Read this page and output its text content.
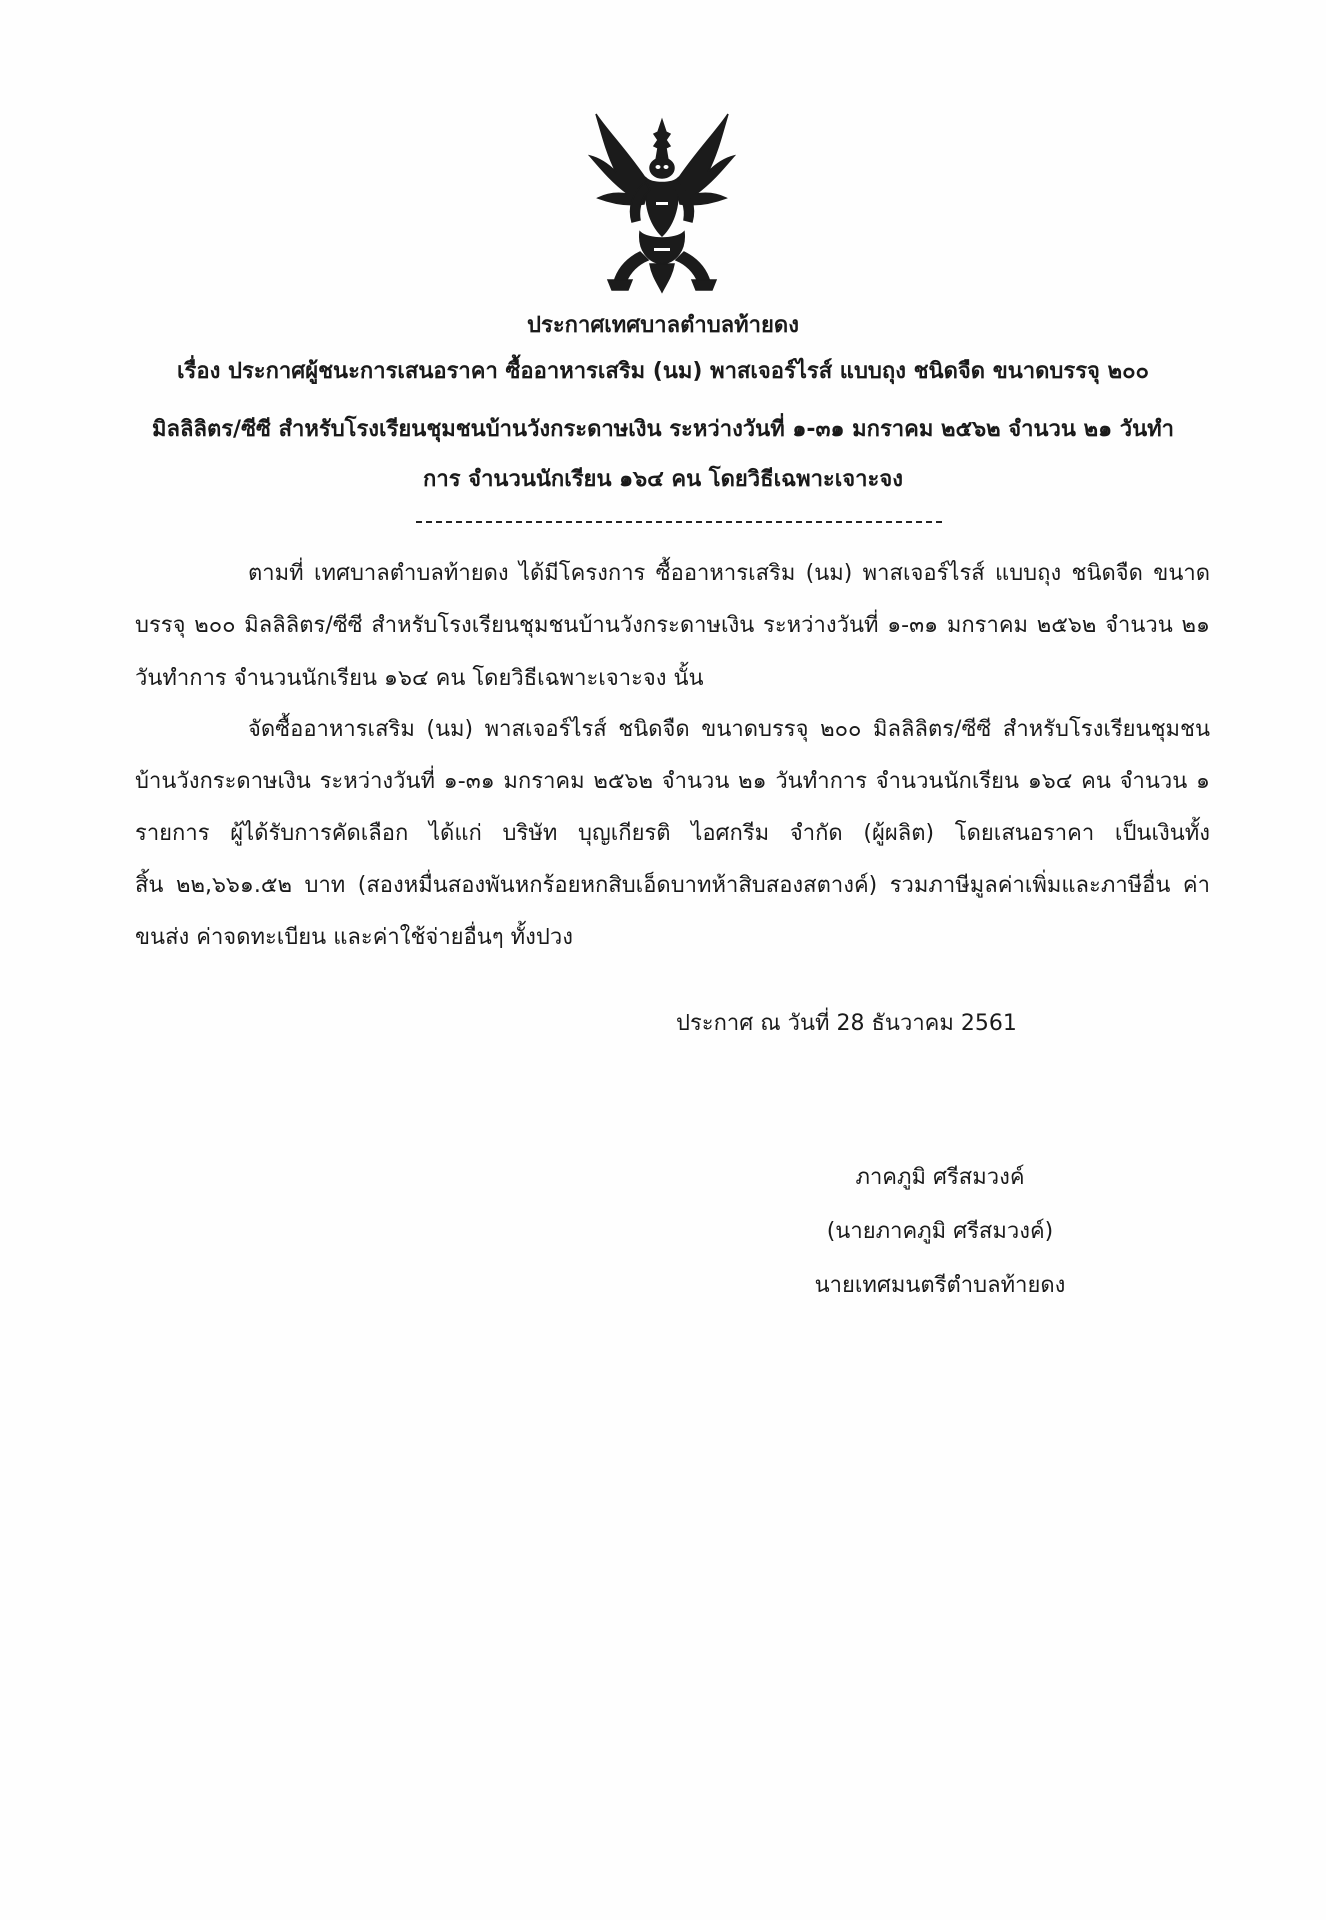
ประกาศเทศบาลตำบลท้ายดง
เรื่อง ประกาศผู้ชนะการเสนอราคา ซื้ออาหารเสริม (นม) พาสเจอร์ไรส์ แบบถุง ชนิดจืด ขนาดบรรจุ ๒๐๐
มิลลิลิตร/ซีซี สำหรับโรงเรียนชุมชนบ้านวังกระดาษเงิน ระหว่างวันที่ ๑-๓๑ มกราคม ๒๕๖๒ จำนวน ๒๑ วันทำ
การ จำนวนนักเรียน ๑๖๔ คน โดยวิธีเฉพาะเจาะจง
ตามที่ เทศบาลตำบลท้ายดง ได้มีโครงการ ซื้ออาหารเสริม (นม) พาสเจอร์ไรส์ แบบถุง ชนิดจืด ขนาด
บรรจุ ๒๐๐ มิลลิลิตร/ซีซี สำหรับโรงเรียนชุมชนบ้านวังกระดาษเงิน ระหว่างวันที่ ๑-๓๑ มกราคม ๒๕๖๒ จำนวน ๒๑
วันทำการ จำนวนนักเรียน ๑๖๔ คน โดยวิธีเฉพาะเจาะจง นั้น
จัดซื้ออาหารเสริม (นม) พาสเจอร์ไรส์ ชนิดจืด ขนาดบรรจุ ๒๐๐ มิลลิลิตร/ซีซี สำหรับโรงเรียนชุมชน
บ้านวังกระดาษเงิน ระหว่างวันที่ ๑-๓๑ มกราคม ๒๕๖๒ จำนวน ๒๑ วันทำการ จำนวนนักเรียน ๑๖๔ คน จำนวน ๑
รายการ ผู้ได้รับการคัดเลือก ได้แก่ บริษัท บุญเกียรติ ไอศกรีม จำกัด (ผู้ผลิต) โดยเสนอราคา เป็นเงินทั้ง
สิ้น ๒๒,๖๖๑.๕๒ บาท (สองหมื่นสองพันหกร้อยหกสิบเอ็ดบาทห้าสิบสองสตางค์) รวมภาษีมูลค่าเพิ่มและภาษีอื่น ค่า
ขนส่ง ค่าจดทะเบียน และค่าใช้จ่ายอื่นๆ ทั้งปวง
ประกาศ ณ วันที่ 28 ธันวาคม 2561
ภาคภูมิ ศรีสมวงค์
(นายภาคภูมิ ศรีสมวงค์)
นายเทศมนตรีตำบลท้ายดง
